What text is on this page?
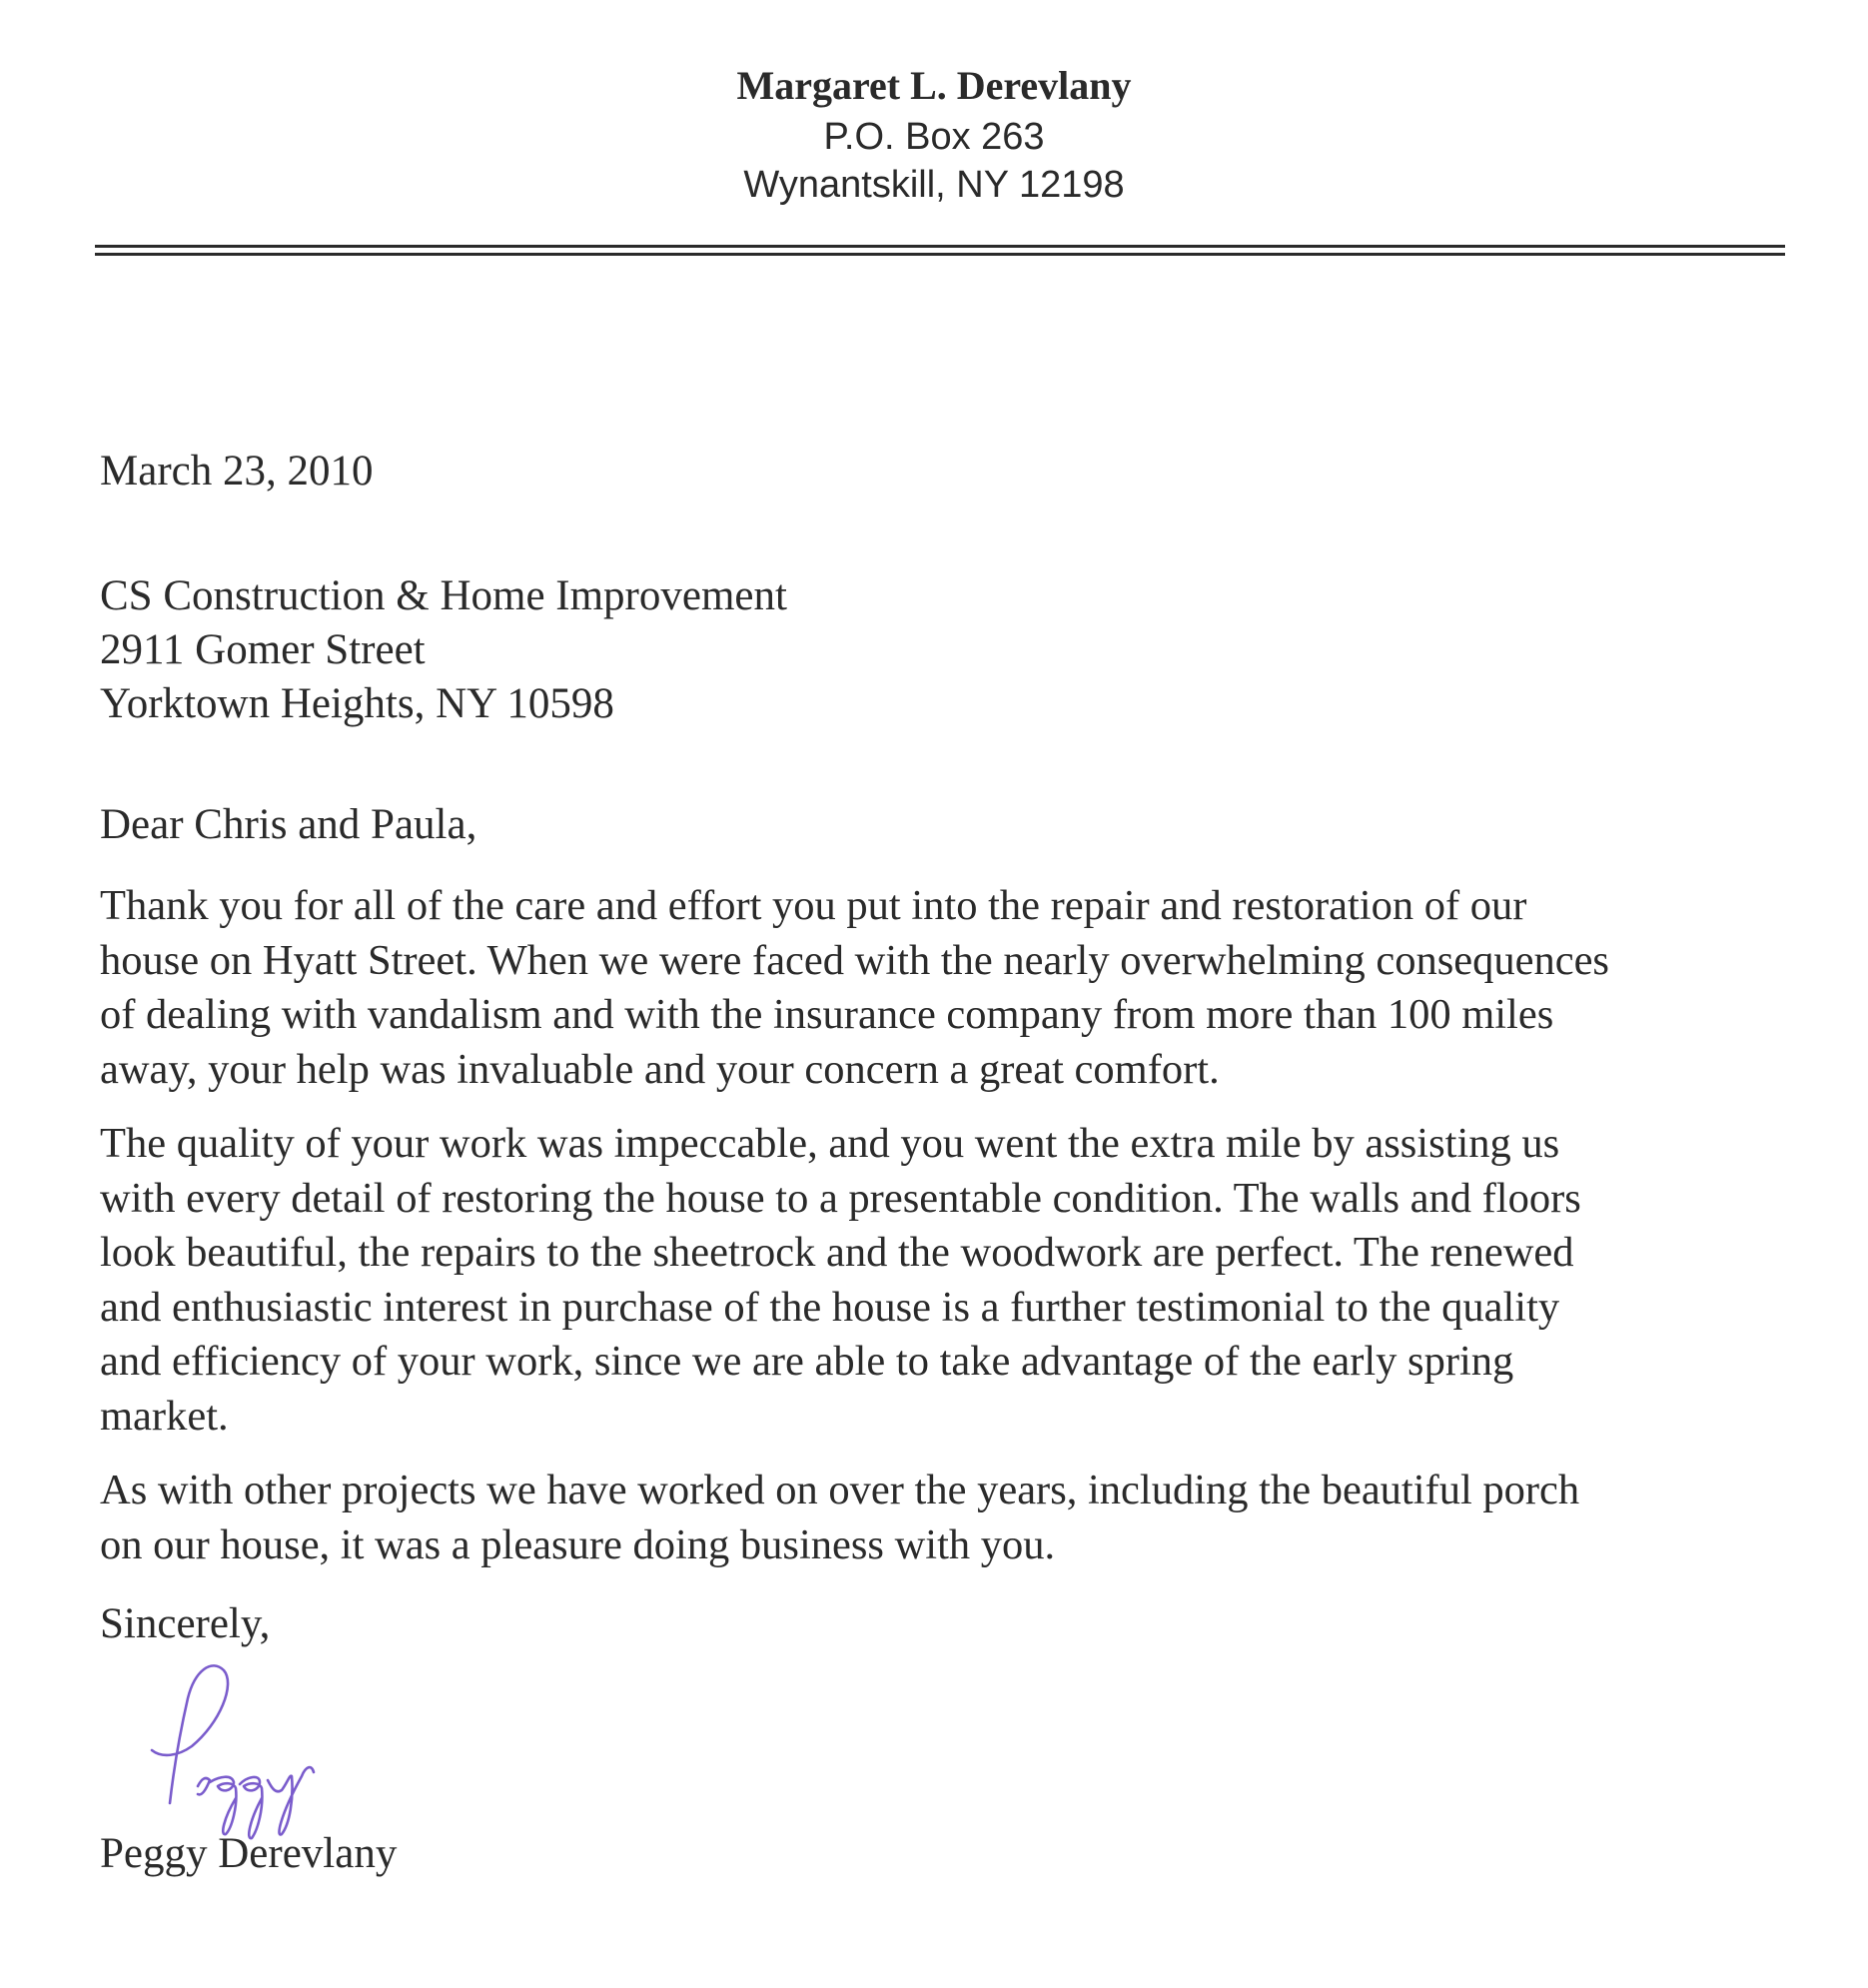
Margaret L. Derevlany
P.O. Box 263
Wynantskill, NY 12198
March 23, 2010
CS Construction & Home Improvement
2911 Gomer Street
Yorktown Heights, NY 10598
Dear Chris and Paula,
Thank you for all of the care and effort you put into the repair and restoration of our
house on Hyatt Street. When we were faced with the nearly overwhelming consequences
of dealing with vandalism and with the insurance company from more than 100 miles
away, your help was invaluable and your concern a great comfort.
The quality of your work was impeccable, and you went the extra mile by assisting us
with every detail of restoring the house to a presentable condition. The walls and floors
look beautiful, the repairs to the sheetrock and the woodwork are perfect. The renewed
and enthusiastic interest in purchase of the house is a further testimonial to the quality
and efficiency of your work, since we are able to take advantage of the early spring
market.
As with other projects we have worked on over the years, including the beautiful porch
on our house, it was a pleasure doing business with you.
Sincerely,
Peggy Derevlany
